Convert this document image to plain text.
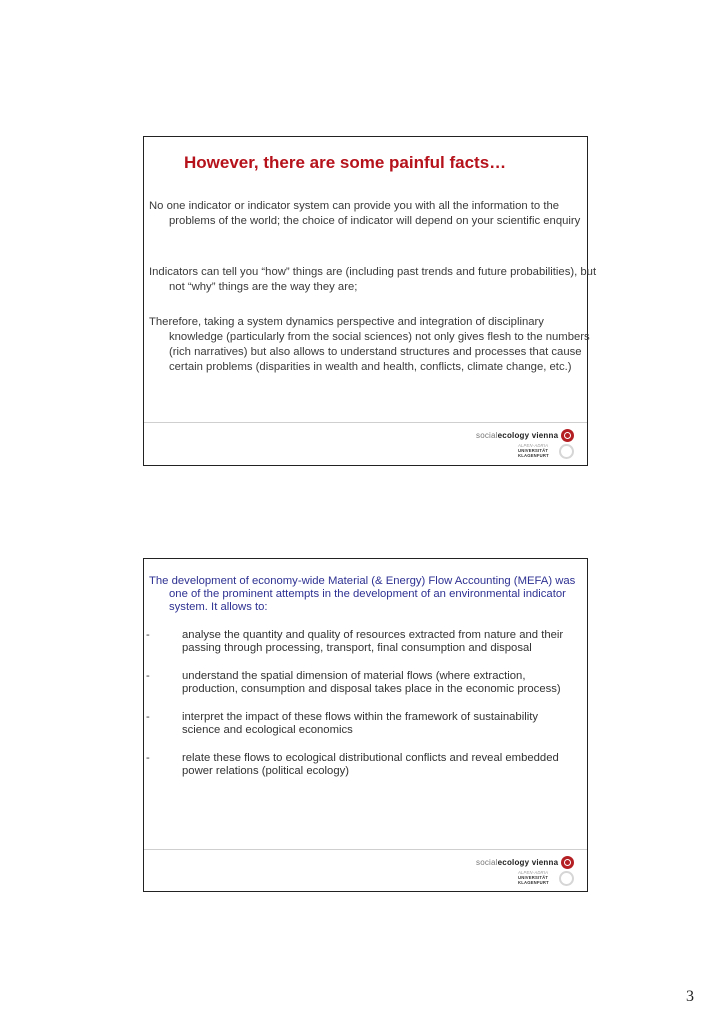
However, there are some painful facts…
No one indicator or indicator system can provide you with all the information to the problems of the world; the choice of indicator will depend on your scientific enquiry
Indicators can tell you “how” things are (including past trends and future probabilities), but not “why” things are the way they are;
Therefore, taking a system dynamics perspective and integration of disciplinary knowledge (particularly from the social sciences) not only gives flesh to the numbers (rich narratives) but also allows to understand structures and processes that cause certain problems (disparities in wealth and health, conflicts, climate change, etc.)
socialecology vienna
ALPEN-ADRIA
UNIVERSITÄT
KLAGENFURT
The development of economy-wide Material (& Energy) Flow Accounting (MEFA) was one of the prominent attempts in the development of an environmental indicator system. It allows to:
-	analyse the quantity and quality of resources extracted from nature and their passing through processing, transport, final consumption and disposal
-	understand the spatial dimension of material flows (where extraction, production, consumption and disposal takes place in the economic process)
-	interpret the impact of these flows within the framework of sustainability science and ecological economics
-	relate these flows to ecological distributional conflicts and reveal embedded power relations (political ecology)
socialecology vienna
ALPEN-ADRIA
UNIVERSITÄT
KLAGENFURT
3
